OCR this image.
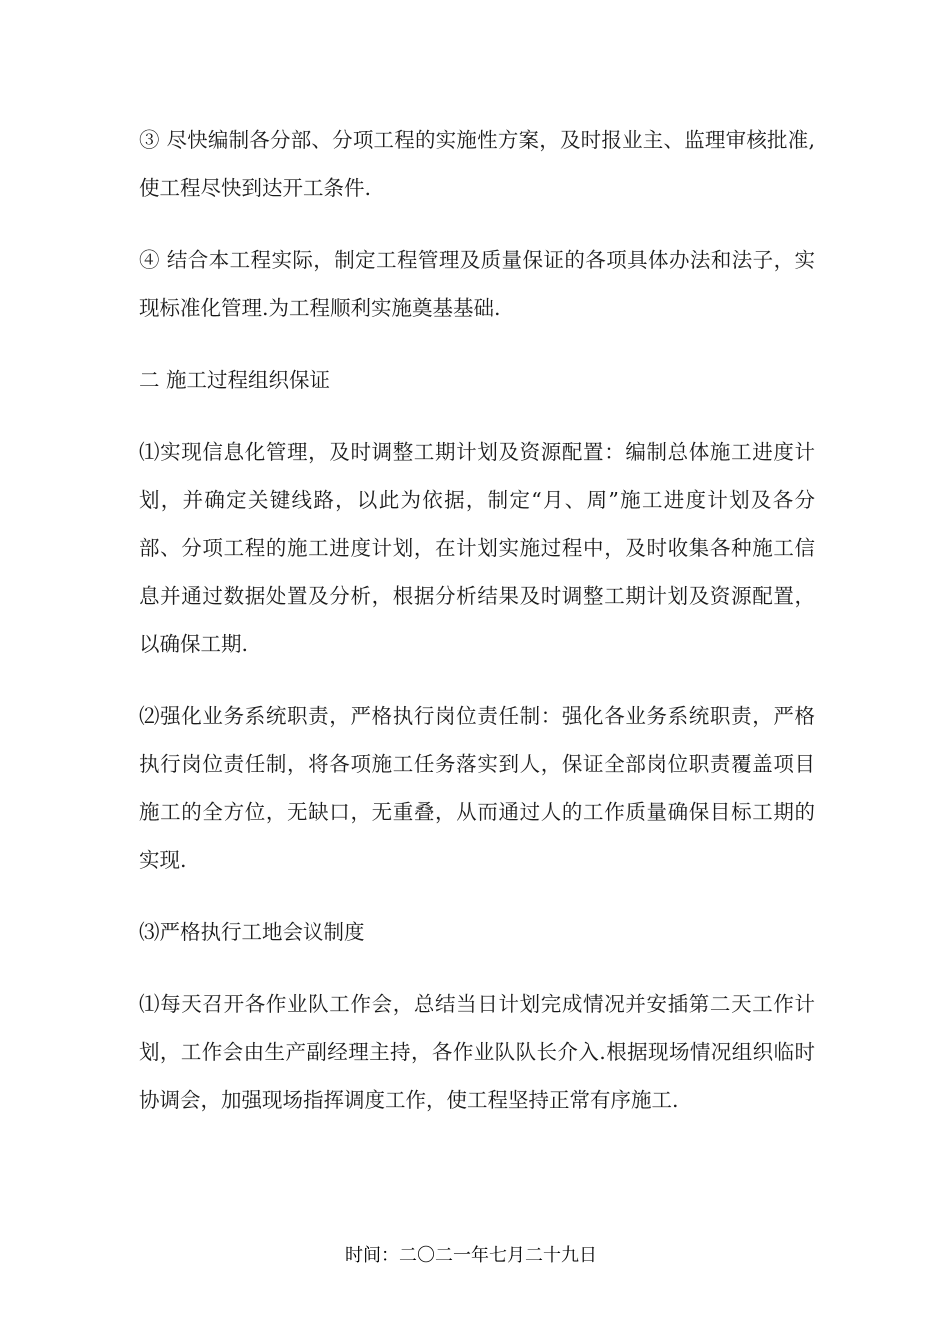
③ 尽快编制各分部、分项工程的实施性方案，及时报业主、监理审核批准,使工程尽快到达开工条件.

④ 结合本工程实际，制定工程管理及质量保证的各项具体办法和法子，实现标准化管理.为工程顺利实施奠基基础.

二 施工过程组织保证

⑴实现信息化管理，及时调整工期计划及资源配置：编制总体施工进度计划，并确定关键线路，以此为依据，制定“月、周”施工进度计划及各分部、分项工程的施工进度计划，在计划实施过程中，及时收集各种施工信息并通过数据处置及分析，根据分析结果及时调整工期计划及资源配置，以确保工期.

⑵强化业务系统职责，严格执行岗位责任制：强化各业务系统职责，严格执行岗位责任制，将各项施工任务落实到人，保证全部岗位职责覆盖项目施工的全方位，无缺口，无重叠，从而通过人的工作质量确保目标工期的实现.

⑶严格执行工地会议制度

⑴每天召开各作业队工作会，总结当日计划完成情况并安插第二天工作计划，工作会由生产副经理主持，各作业队队长介入.根据现场情况组织临时协调会，加强现场指挥调度工作，使工程坚持正常有序施工.

时间：二〇二一年七月二十九日
